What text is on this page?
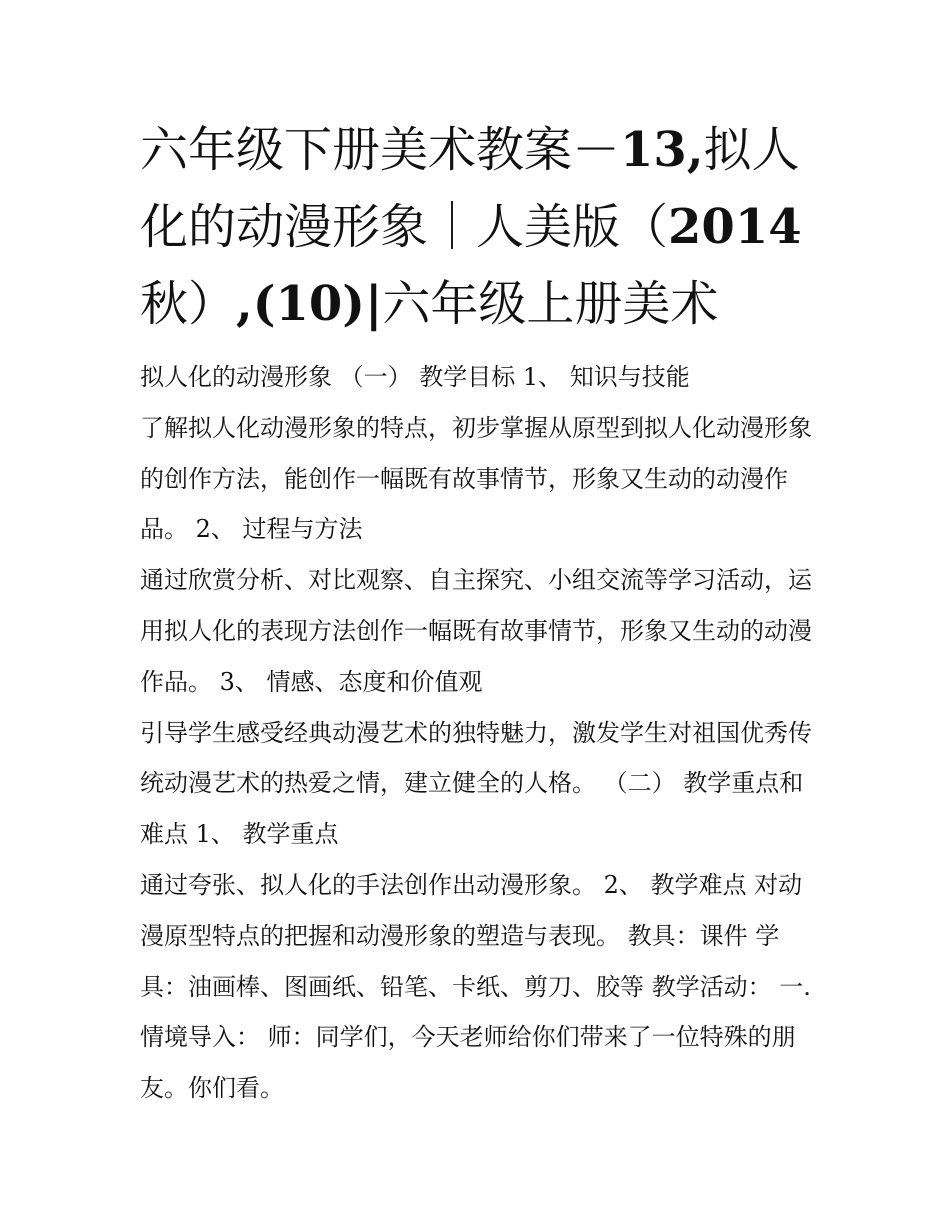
六年级下册美术教案－13,拟人化的动漫形象｜人美版（2014秋）,(10)|六年级上册美术

拟人化的动漫形象 （一） 教学目标 1、 知识与技能

了解拟人化动漫形象的特点，初步掌握从原型到拟人化动漫形象的创作方法，能创作一幅既有故事情节，形象又生动的动漫作品。 2、 过程与方法

通过欣赏分析、对比观察、自主探究、小组交流等学习活动，运用拟人化的表现方法创作一幅既有故事情节，形象又生动的动漫作品。 3、 情感、态度和价值观

引导学生感受经典动漫艺术的独特魅力，激发学生对祖国优秀传统动漫艺术的热爱之情，建立健全的人格。 （二） 教学重点和难点 1、 教学重点

通过夸张、拟人化的手法创作出动漫形象。 2、 教学难点 对动漫原型特点的把握和动漫形象的塑造与表现。 教具：课件 学具：油画棒、图画纸、铅笔、卡纸、剪刀、胶等 教学活动： 一.情境导入： 师：同学们，今天老师给你们带来了一位特殊的朋友。你们看。
